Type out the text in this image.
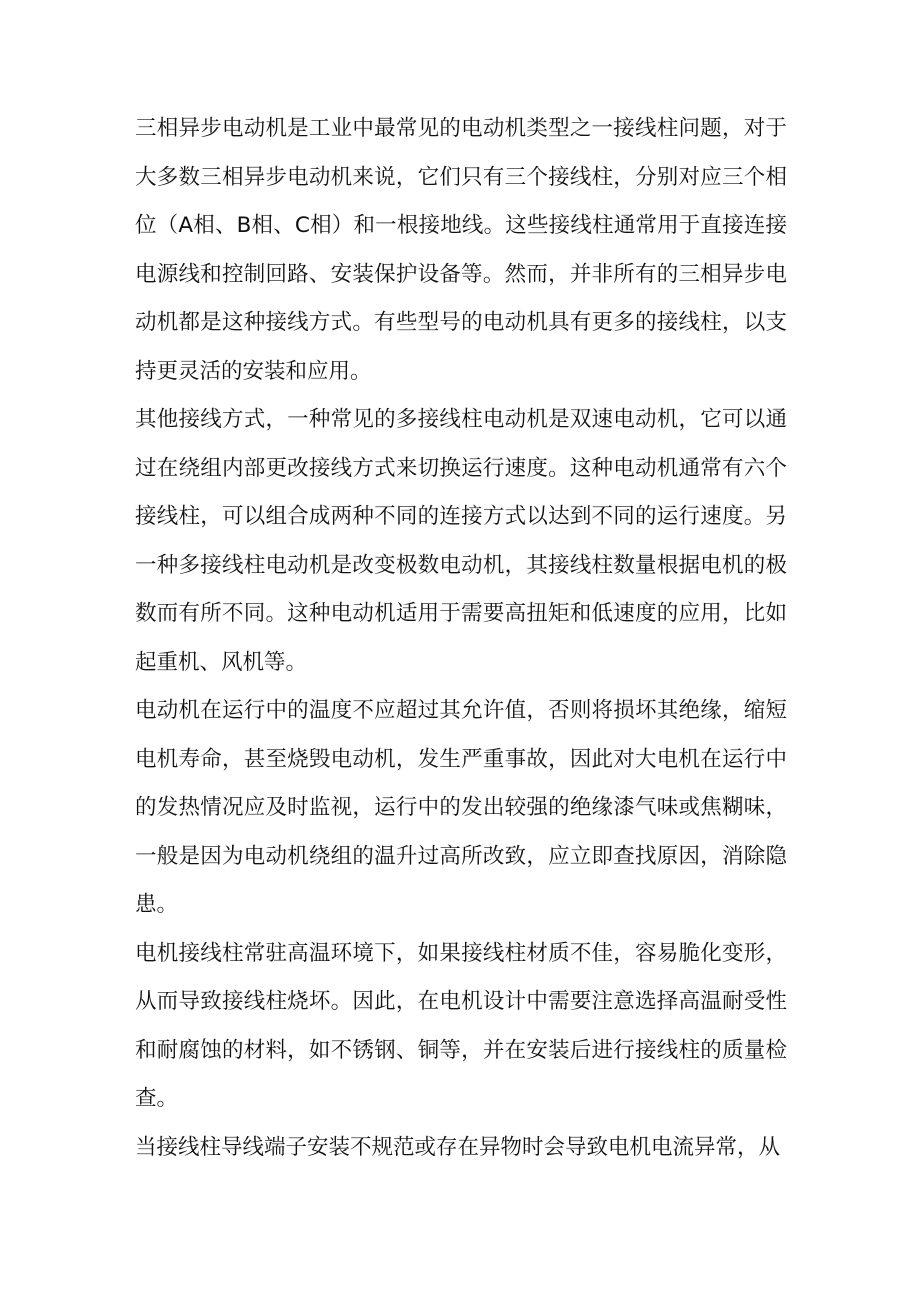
三相异步电动机是工业中最常见的电动机类型之一接线柱问题，对于大多数三相异步电动机来说，它们只有三个接线柱，分别对应三个相位（A相、B相、C相）和一根接地线。这些接线柱通常用于直接连接电源线和控制回路、安装保护设备等。然而，并非所有的三相异步电动机都是这种接线方式。有些型号的电动机具有更多的接线柱，以支持更灵活的安装和应用。

其他接线方式，一种常见的多接线柱电动机是双速电动机，它可以通过在绕组内部更改接线方式来切换运行速度。这种电动机通常有六个接线柱，可以组合成两种不同的连接方式以达到不同的运行速度。另一种多接线柱电动机是改变极数电动机，其接线柱数量根据电机的极数而有所不同。这种电动机适用于需要高扭矩和低速度的应用，比如起重机、风机等。

电动机在运行中的温度不应超过其允许值，否则将损坏其绝缘，缩短电机寿命，甚至烧毁电动机，发生严重事故，因此对大电机在运行中的发热情况应及时监视，运行中的发出较强的绝缘漆气味或焦糊味，一般是因为电动机绕组的温升过高所改致，应立即查找原因，消除隐患。

电机接线柱常驻高温环境下，如果接线柱材质不佳，容易脆化变形，从而导致接线柱烧坏。因此，在电机设计中需要注意选择高温耐受性和耐腐蚀的材料，如不锈钢、铜等，并在安装后进行接线柱的质量检查。

当接线柱导线端子安装不规范或存在异物时会导致电机电流异常，从
